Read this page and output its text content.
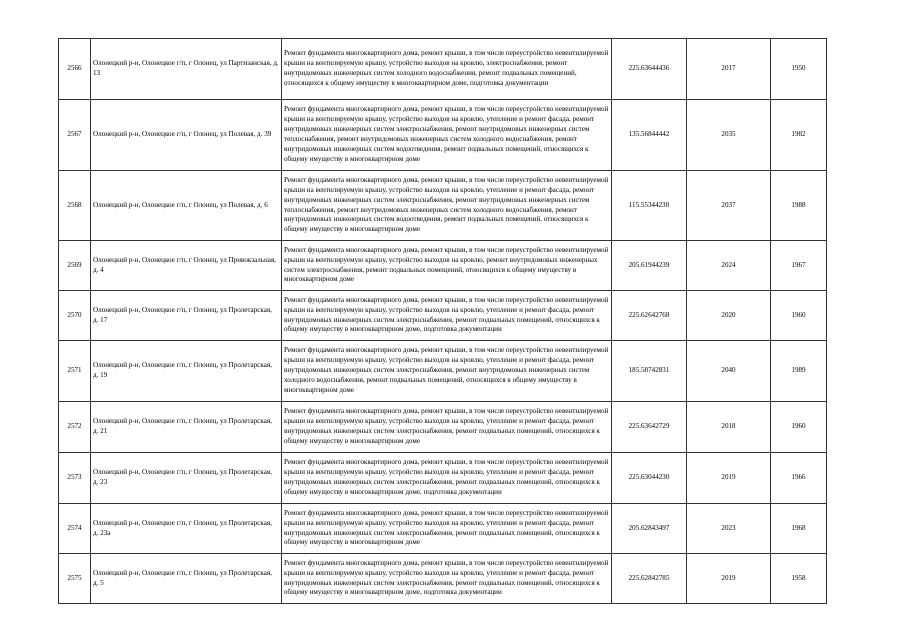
2566	Олонецкий р-н, Олонецкое г/п, г Олонец, ул Партизанская, д. 13	Ремонт фундамента многоквартирного дома, ремонт крыши, в том числе переустройство невентилируемой крыши на вентилируемую крышу, устройство выходов на кровлю, электроснабжения, ремонт внутридомовых инженерных систем холодного водоснабжения, ремонт подвальных помещений, относящихся к общему имуществу в многоквартирном доме, подготовка документации	225.63644436	2017	1950
2567	Олонецкий р-н, Олонецкое г/п, г Олонец, ул Полевая, д. 39	Ремонт фундамента многоквартирного дома, ремонт крыши, в том числе переустройство невентилируемой крыши на вентилируемую крышу, устройство выходов на кровлю, утепление и ремонт фасада, ремонт внутридомовых инженерных систем электроснабжения, ремонт внутридомовых инженерных систем теплоснабжения, ремонт внутридомовых инженерных систем холодного водоснабжения, ремонт внутридомовых инженерных систем водоотведения, ремонт подвальных помещений, относящихся к общему имуществу в многоквартирном доме	135.56844442	2035	1982
2568	Олонецкий р-н, Олонецкое г/п, г Олонец, ул Полевая, д. 6	Ремонт фундамента многоквартирного дома, ремонт крыши, в том числе переустройство невентилируемой крыши на вентилируемую крышу, устройство выходов на кровлю, утепление и ремонт фасада, ремонт внутридомовых инженерных систем электроснабжения, ремонт внутридомовых инженерных систем теплоснабжения, ремонт внутридомовых инженерных систем холодного водоснабжения, ремонт внутридомовых инженерных систем водоотведения, ремонт подвальных помещений, относящихся к общему имуществу в многоквартирном доме	115.55344230	2037	1988
2569	Олонецкий р-н, Олонецкое г/п, г Олонец, ул Привокзальная, д. 4	Ремонт фундамента многоквартирного дома, ремонт крыши, в том числе переустройство невентилируемой крыши на вентилируемую крышу, устройство выходов на кровлю, ремонт внутридомовых инженерных систем электроснабжения, ремонт подвальных помещений, относящихся к общему имуществу в многоквартирном доме	205.61944239	2024	1967
2570	Олонецкий р-н, Олонецкое г/п, г Олонец, ул Пролетарская, д. 17	Ремонт фундамента многоквартирного дома, ремонт крыши, в том числе переустройство невентилируемой крыши на вентилируемую крышу, устройство выходов на кровлю, утепление и ремонт фасада, ремонт внутридомовых инженерных систем электроснабжения, ремонт подвальных помещений, относящихся к общему имуществу в многоквартирном доме, подготовка документации	225.62642768	2020	1960
2571	Олонецкий р-н, Олонецкое г/п, г Олонец, ул Пролетарская, д. 19	Ремонт фундамента многоквартирного дома, ремонт крыши, в том числе переустройство невентилируемой крыши на вентилируемую крышу, устройство выходов на кровлю, утепление и ремонт фасада, ремонт внутридомовых инженерных систем электроснабжения, ремонт внутридомовых инженерных систем холодного водоснабжения, ремонт подвальных помещений, относящихся к общему имуществу в многоквартирном доме	185.58742831	2040	1989
2572	Олонецкий р-н, Олонецкое г/п, г Олонец, ул Пролетарская, д. 21	Ремонт фундамента многоквартирного дома, ремонт крыши, в том числе переустройство невентилируемой крыши на вентилируемую крышу, устройство выходов на кровлю, утепление и ремонт фасада, ремонт внутридомовых инженерных систем электроснабжения, ремонт подвальных помещений, относящихся к общему имуществу в многоквартирном доме	225.63642729	2018	1960
2573	Олонецкий р-н, Олонецкое г/п, г Олонец, ул Пролетарская, д. 23	Ремонт фундамента многоквартирного дома, ремонт крыши, в том числе переустройство невентилируемой крыши на вентилируемую крышу, устройство выходов на кровлю, утепление и ремонт фасада, ремонт внутридомовых инженерных систем электроснабжения, ремонт подвальных помещений, относящихся к общему имуществу в многоквартирном доме, подготовка документации	225.63044230	2019	1966
2574	Олонецкий р-н, Олонецкое г/п, г Олонец, ул Пролетарская, д. 23а	Ремонт фундамента многоквартирного дома, ремонт крыши, в том числе переустройство невентилируемой крыши на вентилируемую крышу, устройство выходов на кровлю, утепление и ремонт фасада, ремонт внутридомовых инженерных систем электроснабжения, ремонт подвальных помещений, относящихся к общему имуществу в многоквартирном доме	205.62843497	2023	1968
2575	Олонецкий р-н, Олонецкое г/п, г Олонец, ул Пролетарская, д. 5	Ремонт фундамента многоквартирного дома, ремонт крыши, в том числе переустройство невентилируемой крыши на вентилируемую крышу, устройство выходов на кровлю, утепление и ремонт фасада, ремонт внутридомовых инженерных систем электроснабжения, ремонт подвальных помещений, относящихся к общему имуществу в многоквартирном доме, подготовка документации	225.62842785	2019	1958
